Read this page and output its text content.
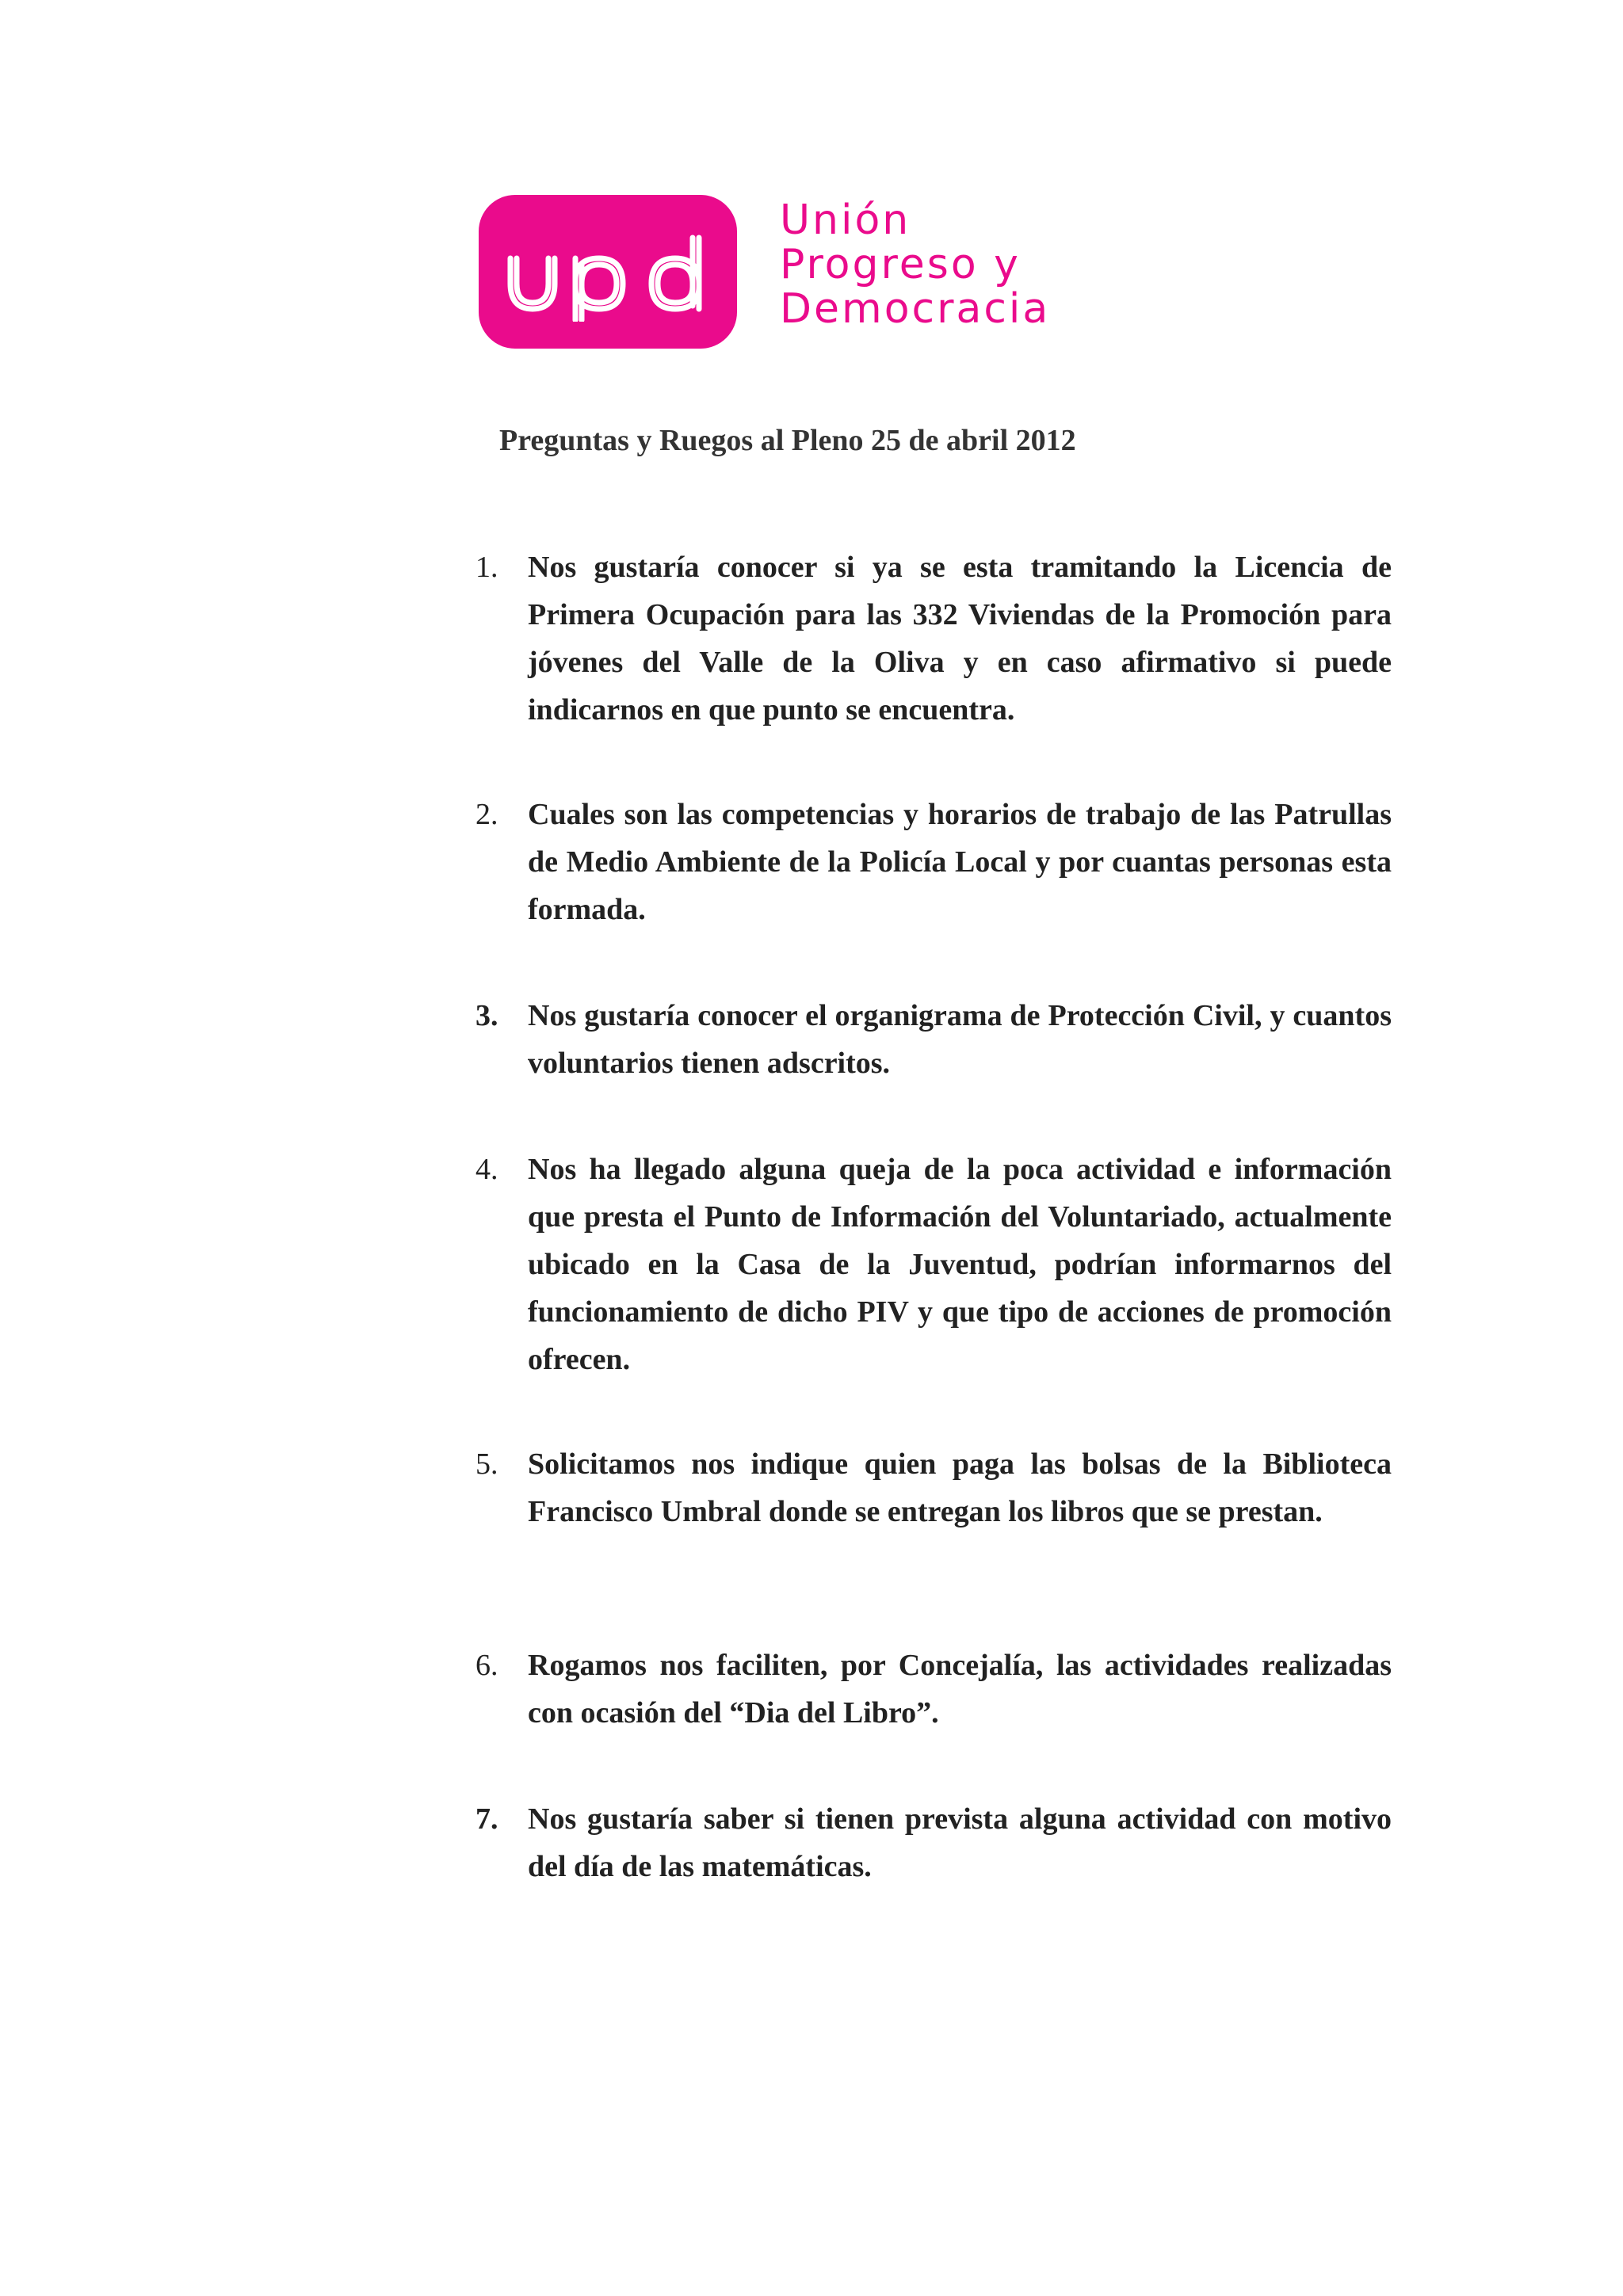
Unión
Progreso y
Democracia
Preguntas y Ruegos al Pleno 25 de abril 2012
1. Nos gustaría conocer si ya se esta tramitando la Licencia de Primera Ocupación para las 332 Viviendas de la Promoción para jóvenes del Valle de la Oliva y en caso afirmativo si puede indicarnos en que punto se encuentra.
2. Cuales son las competencias y horarios de trabajo de las Patrullas de Medio Ambiente de la Policía Local y por cuantas personas esta formada.
3. Nos gustaría conocer el organigrama de Protección Civil, y cuantos voluntarios tienen adscritos.
4. Nos ha llegado alguna queja de la poca actividad e información que presta el Punto de Información del Voluntariado, actualmente ubicado en la Casa de la Juventud, podrían informarnos del funcionamiento de dicho PIV y que tipo de acciones de promoción ofrecen.
5. Solicitamos nos indique quien paga las bolsas de la Biblioteca Francisco Umbral donde se entregan los libros que se prestan.
6. Rogamos nos faciliten, por Concejalía, las actividades realizadas con ocasión del “Dia del Libro”.
7. Nos gustaría saber si tienen prevista alguna actividad con motivo del día de las matemáticas.
